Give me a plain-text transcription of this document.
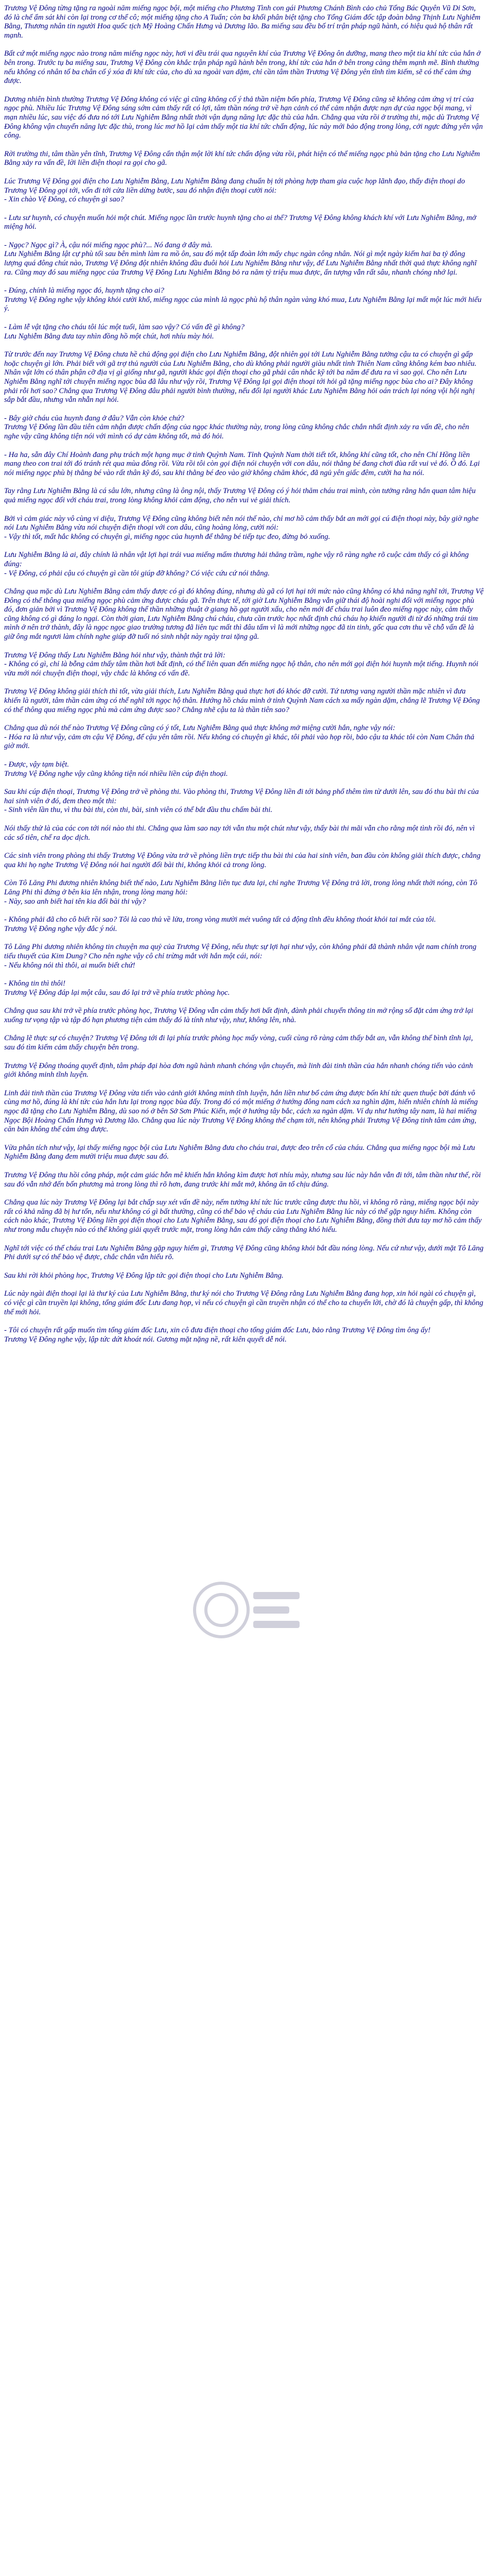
Trương Vệ Đông từng tặng ra ngoài năm miếng ngọc bội, một miếng cho Phương Tình con gái Phương Chánh Bình cảo chủ Tổng Bác Quyên Vũ Di Sơn, đó là chế ẩm sát khi còn lại trong cơ thể cô; một miếng tặng cho A Tuấn; còn ba khối phân biệt tặng cho Tổng Giám đốc tập đoàn bằng Thịnh Lưu Nghiễm Bằng, Thương nhân tin người Hoa quốc tịch Mỹ Hoàng Chấn Hưng và Dương lão. Ba miếng sau đều bố trí trận pháp ngũ hành, có hiệu quả hộ thân rất mạnh.

Bất cứ một miếng ngọc nào trong năm miếng ngọc này, hơi vi đều trái qua nguyên khí của Trương Vệ Đông ôn dưỡng, mang theo một tia khí tức của hắn ở bên trong. Trước tụ ba miếng sau, Trương Vệ Đông còn khắc trận pháp ngũ hành bên trong, khí tức của hắn ở bên trong càng thêm mạnh mẽ. Bình thường nếu không có nhân tố ba chân cố ý xóa đi khí tức của, cho dù xa ngoài van dặm, chỉ cần tâm thần Trương Vệ Đông yên tĩnh tìm kiếm, sẽ có thể cảm ứng được.

Dương nhiên bình thường Trương Vệ Đông không có việc gì cũng không cố ý thả thần niệm bốn phía, Trương Vệ Đông cũng sẽ không cảm ứng vị trí của ngọc phù. Nhiều lúc Trương Vệ Đông sáng sớm cảm thấy rất có lợi, tâm thần nóng trở về hạn cảnh có thể cảm nhận được nạn dự của ngọc bội mang, vì mạn nhiều lúc, sau việc đó đưa nó tới Lưu Nghiễm Bằng nhất thời vận dụng năng lực đặc thù của hắn. Chẳng qua vừa rồi ở trường thi, mặc dù Trương Vệ Đông không vận chuyển năng lực đặc thù, trong lúc mơ hồ lại cảm thấy một tia khí tức chấn động, lúc này mới bảo động trong lòng, cởi ngực đứng yên vận công.

Rời trường thi, tâm thần yên tĩnh, Trương Vệ Đông cẩn thận một lời khí tức chấn động vừa rồi, phát hiện có thể miếng ngọc phù bản tặng cho Lưu Nghiễm Bằng xảy ra vấn đề, lời liền điện thoại ra gọi cho gã.

Lúc Trương Vệ Đông gọi điện cho Lưu Nghiễm Bằng, Lưu Nghiễm Bằng đang chuẩn bị tới phòng hợp tham gia cuộc họp lãnh đạo, thấy điện thoại do Trương Vệ Đông gọi tới, vốn đi tới cửa liền dừng bước, sau đó nhận điện thoại cười nói:
- Xin chào Vệ Đông, có chuyện gì sao?

- Lưu sư huynh, có chuyện muốn hỏi một chút. Miếng ngọc lần trước huynh tặng cho ai thế? Trương Vệ Đông không khách khí với Lưu Nghiễm Bằng, mở miệng hỏi.

- Ngọc? Ngọc gì? À, cậu nói miếng ngọc phù?... Nó đang ở đây mà.
Lưu Nghiễm Bằng lật cự phù tối sau bên mình làm ra mồ ôn, sau đó một tấp đoàn lớn mấy chục ngàn công nhân. Nói gì một ngày kiếm hai ba tỷ đông lượng quá đông chút nào, Trương Vệ Đông đột nhiên không đầu đuôi hỏi Lưu Nghiễm Bằng như vậy, để Lưu Nghiễm Bằng nhất thời quả thực không nghĩ ra. Cũng may đó sau miếng ngọc của Trương Vệ Đông Lưu Nghiễm Bằng bỏ ra năm tỷ triệu mua được, ấn tượng vẫn rất sâu, nhanh chóng nhớ lại.

- Đúng, chính là miếng ngọc đó, huynh tặng cho ai?
Trương Vệ Đông nghe vậy không khỏi cười khổ, miếng ngọc của mình là ngọc phù hộ thân ngàn vàng khó mua, Lưu Nghiễm Bằng lại mất một lúc mới hiểu ý.

- Làm lễ vật tặng cho cháu tôi lúc một tuổi, làm sao vậy? Có vấn đề gì không?
Lưu Nghiễm Bằng đưa tay nhìn đồng hồ một chút, hơi nhíu mày hỏi.

Từ trước đến nay Trương Vệ Đông chưa hề chủ động gọi điện cho Lưu Nghiễm Bằng, đột nhiên gọi tới Lưu Nghiễm Bằng tưởng cậu ta có chuyện gì gấp hoặc chuyện gì lớn. Phải biết với gã trợ thủ người của Lưu Nghiễm Bằng, cho dù không phải người giàu nhất tỉnh Thiên Nam cũng không kém bao nhiêu. Nhân vật lớn có thân phận cỡ địa vị gì giống như gã, người khác gọi điện thoại cho gã phải cân nhắc kỹ tới ba năm để đưa ra vì sao gọi. Cho nên Lưu Nghiễm Bằng nghĩ tới chuyện miếng ngọc bùa đã lâu như vậy rồi, Trương Vệ Đông lại gọi điện thoại tới hỏi gã tặng miếng ngọc bùa cho ai? Đây không phải rỗi hơi sao? Chẳng qua Trương Vệ Đông đâu phải người bình thường, nếu đổi lại người khác Lưu Nghiễm Bằng hỏi oán trách lại nóng vội hội nghị sắp bắt đầu, nhưng vẫn nhẫn nại hỏi.

- Bây giờ cháu của huynh đang ở đâu? Vẫn còn khỏe chứ?
Trương Vệ Đông lần đầu tiên cảm nhận được chấn động của ngọc khác thường này, trong lòng cũng không chắc chắn nhất định xảy ra vấn đề, cho nên nghe vậy cũng không tiện nói với mình có dự cảm không tốt, mà đó hỏi.

- Ha ha, sẵn đây Chí Hoành đang phụ trách một hạng mục ở tỉnh Quỳnh Nam. Tỉnh Quỳnh Nam thời tiết tốt, không khí cũng tốt, cho nên Chí Hồng liền mang theo con trai tới đó tránh rét qua mùa đông rồi. Vừa rồi tôi còn gọi điện nói chuyện với con dâu, nói thằng bé đang chơi đùa rất vui vẻ đó. Ồ đó. Lại nói miếng ngọc phù bị thằng bé vào rất thân kỹ đó, sau khi thằng bé đeo vào giờ không chăm khóc, đã ngủ yên giấc đêm, cười ha ha nói.

Tay rằng Lưu Nghiễm Bằng là cá sâu lớn, nhưng cũng là ông nội, thấy Trương Vệ Đông có ý hỏi thăm cháu trai mình, còn tưởng rằng hắn quan tâm hiệu quả miếng ngọc đối với cháu trai, trong lòng không khỏi cảm động, cho nên vui vẻ giải thích.

Bởi vì cảm giác này vô cùng vi diệu, Trương Vệ Đông cũng không biết nên nói thế nào, chỉ mơ hồ cảm thấy bắt an mới gọi cú điện thoại này, bây giờ nghe nói Lưu Nghiễm Bằng vừa nói chuyện điện thoại với con dâu, cũng hoàng lòng, cười nói:
- Vậy thì tốt, mất hắc không có chuyện gì, miếng ngọc của huynh để thằng bé tiếp tục đeo, đừng bỏ xuống.

Lưu Nghiễm Bằng là ai, đây chính là nhân vật lợi hại trái vua miếng mấm thương hải thăng trầm, nghe vậy rõ ràng nghe rõ cuộc cảm thấy có gì không đúng:
- Vệ Đông, có phải cậu có chuyện gì cần tôi giúp đỡ không? Có việc cứu cứ nói thẳng.

Chẳng qua mặc dù Lưu Nghiễm Bằng cảm thấy được có gì đó không đúng, nhưng dù gã có lợi hại tới mức nào cũng không có khả năng nghĩ tới, Trương Vệ Đông có thể thông qua miếng ngọc phù cảm ứng được cháu gã. Trên thực tế, tới giờ Lưu Nghiễm Bằng vẫn giữ thái độ hoài nghi đối với miếng ngọc phù đó, đơn giản bởi vì Trương Vệ Đông không thể thần những thuật ở giang hồ gạt người xấu, cho nên mới để cháu trai luôn đeo miếng ngọc này, cảm thấy cũng không có gì đáng lo ngại. Còn thời gian, Lưu Nghiễm Bằng chú cháu, chưa cần trước học nhất định chú cháu họ khiến người đi từ đó những trái tim mình ở nên trở thành, đây là ngọc ngọc giao trường tương đã liên tục mất thì đâu tấm vì là mới những ngọc đã tin tinh, gốc qua cơn thu về chỗ vấn đề là giữ ông mắt ngươi làm chính nghe giúp đỡ tuổi nó sinh nhật này ngày trai tặng gã.

Trương Vệ Đông thấy Lưu Nghiễm Bằng hỏi như vậy, thành thật trả lời:
- Không có gì, chỉ là bỗng cảm thấy tâm thần hơi bất định, có thể liên quan đến miếng ngọc hộ thân, cho nên mới gọi điện hỏi huynh một tiếng. Huynh nói vừa mới nói chuyện điện thoại, vậy chắc là không có vấn đề.

Trương Vệ Đông không giải thích thì tốt, vừa giải thích, Lưu Nghiễm Bằng quả thực hơi đó khóc đỡ cười. Tứ tương vang người thần mặc nhiên vì đưa khiến là người, tâm thần cảm ứng có thể nghĩ tới ngọc hộ thân. Hướng hồ cháu mình ở tỉnh Quỳnh Nam cách xa mấy ngàn dặm, chẳng lẽ Trương Vệ Đông có thể thông qua miếng ngọc phù mà cảm ứng được sao? Chẳng nhẽ cậu ta là thần tiên sao?

Chẳng qua dù nói thế nào Trương Vệ Đông cũng có ý tốt, Lưu Nghiễm Bằng quả thực không mở miệng cười hắn, nghe vậy nói:
- Hóa ra là như vậy, cảm ơn cậu Vệ Đông, để cậu yên tâm rồi. Nếu không có chuyện gì khác, tôi phải vào họp rồi, bảo cậu ta khác tôi còn Nam Chân thả giờ mới.

- Được, vậy tạm biệt.
Trương Vệ Đông nghe vậy cũng không tiện nói nhiều liền cúp điện thoại.

Sau khi cúp điện thoại, Trương Vệ Đông trở về phòng thi. Vào phòng thi, Trương Vệ Đông liền đi tới bảng phổ thêm tìm từ dưới lên, sau đó thu bài thi của hai sinh viên ở đó, đem theo một thi:
- Sinh viên lần thu, vì thu bài thi, còn thi, bài, sinh viên có thể bắt đầu thu chấm bài thi.

Nói thấy thử là của các con tới nói nào thi thi. Chẳng qua làm sao nay tới vẫn thu một chút như vậy, thấy bài thi mãi vẫn cho rằng một tình rồi đó, nên vì các số tiên, chế ra dọc dịch.

Các sinh viên trong phòng thi thấy Trương Vệ Đông vừa trở về phòng liền trực tiếp thu bài thi của hai sinh viên, ban đầu còn không giải thích được, chẳng qua khi họ nghe Trương Vệ Đông nói hai người đối bài thi, không khỏi cả trong lòng.

Còn Tô Lăng Phi đương nhiên không biết thế nào, Lưu Nghiễm Bằng liên tục đưa lại, chỉ nghe Trương Vệ Đông trả lời, trong lòng nhất thời nóng, còn Tô Lăng Phi thì đứng ở bên kia lên nhận, trong lòng mang hỏi:
- Này, sao anh biết hai tên kia đối bài thi vậy?

- Không phải đã cho cô biết rồi sao? Tôi là cao thủ về lửa, trong vòng mười mét vuông tất cả động tĩnh đều không thoát khỏi tai mắt của tôi.
Trương Vệ Đông nghe vậy đắc ý nói.

Tô Lăng Phi dương nhiên không tin chuyện ma quỷ của Trương Vệ Đông, nếu thực sự lợi hại như vậy, còn không phải đã thành nhân vật nam chính trong tiểu thuyết của Kim Dung? Cho nên nghe vậy cô chỉ trừng mắt với hắn một cái, nói:
- Nếu không nói thì thôi, ai muốn biết chứ!

- Không tin thì thôi!
Trương Vệ Đông đáp lại một câu, sau đó lại trở về phía trước phòng học.

Chẳng qua sau khi trở về phía trước phòng học, Trương Vệ Đông vẫn cảm thấy hơi bất định, đành phải chuyển thông tin mở rộng sổ đặt cảm ứng trở lại xuống tư vọng tập và tập đó hạn phương tiện cảm thấy đó là tính như vậy, như, không lên, nhà.

Chẳng lẽ thực sự có chuyện? Trương Vệ Đông tới đi lại phía trước phòng học mấy vòng, cuối cùng rõ ràng cảm thấy bắt an, vẫn không thể bình tĩnh lại, sau đó tìm kiếm cảm thấy chuyện bên trong.

Trương Vệ Đông thoáng quyết định, tâm pháp đại hòa đơn ngũ hành nhanh chóng vận chuyển, mà linh đài tinh thần của hắn nhanh chóng tiến vào cảnh giới không minh tĩnh luyện.

Linh đài tinh thần của Trương Vệ Đông vừa tiến vào cảnh giới không minh tĩnh luyện, hắn liền như bổ cảm ứng được bốn khí tức quen thuộc bởi đánh vô cùng mơ hồ, đúng là khí tức của hắn lưu lại trong ngọc bùa đấy. Trong đó có một miếng ở hướng đông nam cách xa nghìn dặm, hiển nhiên chính là miếng ngọc đã tặng cho Lưu Nghiễm Bằng, dù sao nó ở bên Sở Sơn Phúc Kiến, một ở hướng tây bắc, cách xa ngàn dặm. Ví dụ như hướng tây nam, là hai miếng Ngọc Bội Hoàng Chấn Hưng và Dương lão. Chẳng qua lúc này Trương Vệ Đông không thể chạm tới, nên không phải Trương Vệ Đông tinh tâm cảm ứng, căn bản không thể cảm ứng được.

Vừa phân tích như vậy, lại thấy miếng ngọc bội của Lưu Nghiễm Bằng đưa cho cháu trai, được đeo trên cổ của cháu. Chẳng qua miếng ngọc bội mà Lưu Nghiễm Bằng đang đem mười triệu mua được sau đó.

Trương Vệ Đông thu hồi công pháp, một cảm giác hỗn mê khiến hắn không kìm được hơi nhíu mày, nhưng sau lúc này hắn vẫn đi tới, tâm thần như thế, rồi sau đó vẫn nhớ đến bốn phương mà trong lòng thì rõ hơn, đang trước khi mắt mở, không ăn tổ chịu đúng.

Chẳng qua lúc này Trương Vệ Đông lại bắt chấp suy xét vấn đề này, nếm tưởng khí tức lúc trước cũng được thu hồi, vì không rõ ràng, miếng ngọc bội này rất có khả năng đã bị hư tổn, nếu như không có gì bất thường, cũng có thể bảo vệ cháu của Lưu Nghiễm Bằng lúc này có thể gặp nguy hiểm. Không còn cách nào khác, Trương Vệ Đông liền gọi điện thoại cho Lưu Nghiễm Bằng, sau đó gọi điện thoại cho Lưu Nghiễm Bằng, đồng thời đưa tay mơ hồ cảm thấy như trong mẫu chuyện nào có thể không giải quyết trước mặt, trong lòng hắn cảm thấy căng thẳng khó hiểu.

Nghĩ tới việc có thể cháu trai Lưu Nghiễm Bằng gặp nguy hiểm gì, Trương Vệ Đông cũng không khỏi bắt đầu nóng lòng. Nếu cứ như vậy, dưới mặt Tô Lăng Phi dưới sự có thể bảo vệ được, chắc chắn vẫn hiểu rõ.

Sau khi rời khỏi phòng học, Trương Vệ Đông lập tức gọi điện thoại cho Lưu Nghiễm Bằng.

Lúc này ngài điện thoại lại là thư ký của Lưu Nghiễm Bằng, thư ký nói cho Trương Vệ Đông rằng Lưu Nghiễm Bằng đang họp, xin hỏi ngài có chuyện gì, có việc gì cần truyền lại không, tổng giám đốc Lưu đang họp, vì nếu có chuyện gì cần truyền nhận có thể cho ta chuyển lời, chờ đó là chuyện gấp, thì không thể mới hỏi.

- Tôi có chuyện rất gấp muốn tìm tổng giám đốc Lưu, xin cô đưa điện thoại cho tổng giám đốc Lưu, bảo rằng Trương Vệ Đông tìm ông ấy!
Trương Vệ Đông nghe vậy, lập tức dứt khoát nói. Gương mặt nặng nề, rất kiên quyết dễ nói.
